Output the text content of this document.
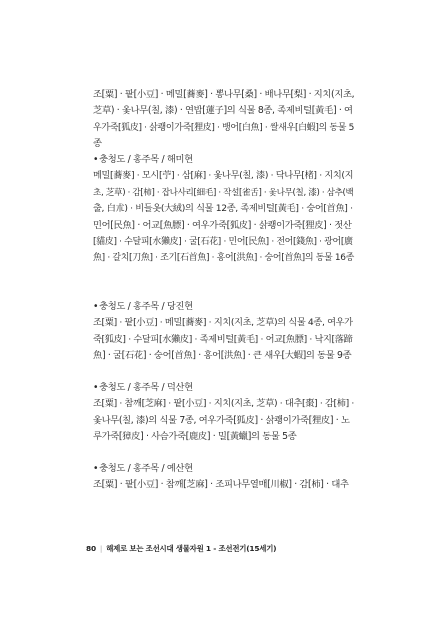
조[粟] · 팥[小豆] · 메밀[蕎麥] · 뽕나무[桑] · 배나무[梨] · 지치(지초,
芝草) · 옻나무(칠, 漆) · 연밥[蓮子]의 식물 8종, 족제비털[黃毛] · 여
우가죽[狐皮] · 삵쾡이가죽[狸皮] · 뱅어[白魚] · 쌀새우[白蝦]의 동물 5
종
•충청도 / 홍주목 / 해미현
메밀[蕎麥] · 모시[苧] · 삼[麻] · 옻나무(칠, 漆) · 닥나무[楮] · 지치(지
초, 芝草) · 감[柿] · 잡나사리[細毛] · 작설[雀舌] · 옻나무(칠, 漆) · 삼추(백
출, 白朮) · 비들옷(大絨)의 식물 12종, 족제비털[黃毛] · 숭어[首魚] ·
민어[民魚] · 어교[魚膘] · 여우가죽[狐皮] · 삵쾡이가죽[狸皮] · 젓산
[貓皮] · 수달피[水獺皮] · 굴[石花] · 민어[民魚] · 전어[錢魚] · 광어[廣
魚] · 갈치[刀魚] · 조기[石首魚] · 홍어[洪魚] · 숭어[首魚]의 동물 16종
•충청도 / 홍주목 / 당진현
조[粟] · 팥[小豆] · 메밀[蕎麥] · 지치(지초, 芝草)의 식물 4종, 여우가
죽[狐皮] · 수달피[水獺皮] · 족제비털[黃毛] · 어교[魚膘] · 낙지[落蹄
魚] · 굴[石花] · 숭어[首魚] · 홍어[洪魚] · 큰 새우[大蝦]의 동물 9종
•충청도 / 홍주목 / 덕산현
조[粟] · 참깨[芝麻] · 팥[小豆] · 지치(지초, 芝草) · 대추[棗] · 감[柿] ·
옻나무(칠, 漆)의 식물 7종, 여우가죽[狐皮] · 삵쾡이가죽[狸皮] · 노
루가죽[獐皮] · 사슴가죽[鹿皮] · 밀[黃蠟]의 동물 5종
•충청도 / 홍주목 / 예산현
조[粟] · 팥[小豆] · 참깨[芝麻] · 조피나무열매[川椒] · 감[柿] · 대추
80 | 해제로 보는 조선시대 생물자원 1 - 조선전기(15세기)
